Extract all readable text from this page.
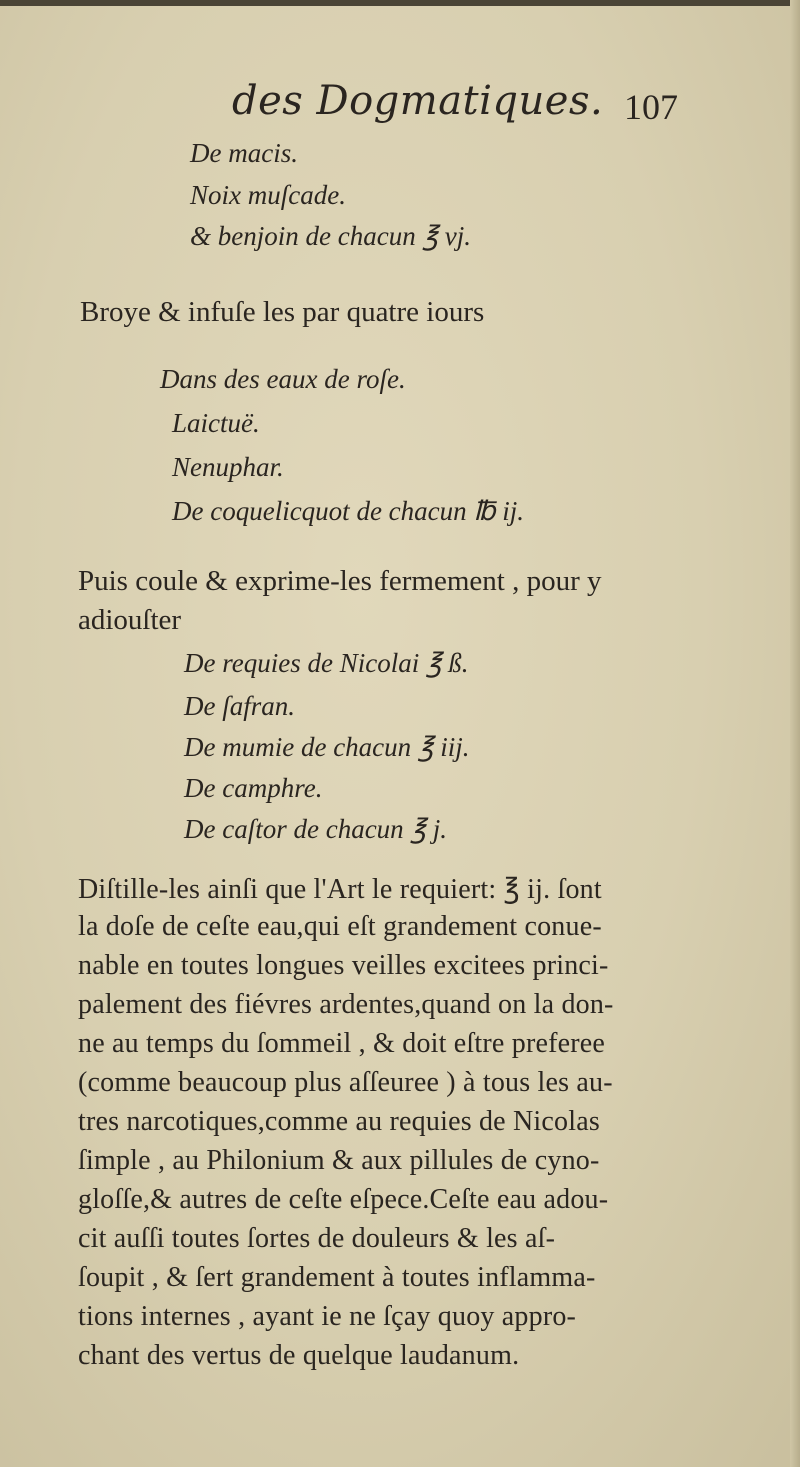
des Dogmatiques. 107
De macis.
Noix muſcade.
& benjoin de chacun ℥ vj.
Broye & infuſe les par quatre iours
Dans des eaux de roſe.
Laictuë.
Nenuphar.
De coquelicquot de chacun ℔ ij.
Puis coule & exprime-les fermement , pour y
adiouſter
De requies de Nicolai ℥ ß.
De ſafran.
De mumie de chacun ℥ iij.
De camphre.
De caſtor de chacun ℥ j.
Diſtille-les ainſi que l'Art le requiert: ℥ ij. ſont
la doſe de ceſte eau,qui eſt grandement conue-
nable en toutes longues veilles excitees princi-
palement des fiévres ardentes,quand on la don-
ne au temps du ſommeil , & doit eſtre preferee
(comme beaucoup plus aſſeuree ) à tous les au-
tres narcotiques,comme au requies de Nicolas
ſimple , au Philonium & aux pillules de cyno-
gloſſe,& autres de ceſte eſpece.Ceſte eau adou-
cit auſſi toutes ſortes de douleurs & les aſ-
ſoupit , & ſert grandement à toutes inflamma-
tions internes , ayant ie ne ſçay quoy appro-
chant des vertus de quelque laudanum.
